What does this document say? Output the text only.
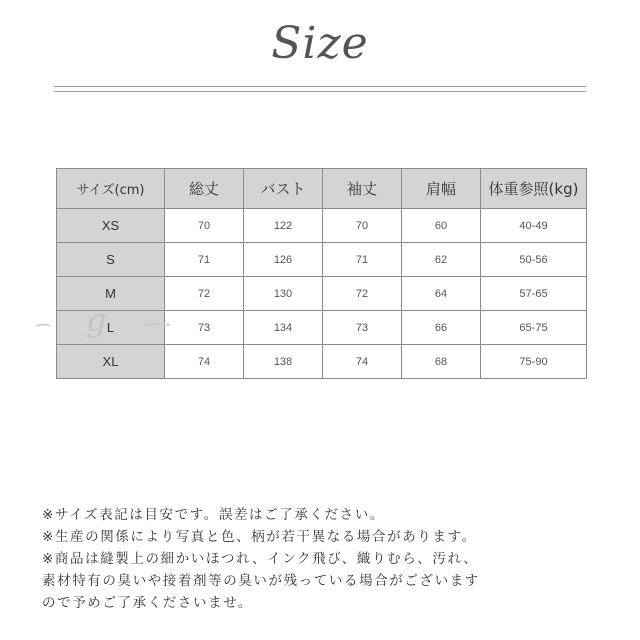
Size
サイズ(cm)	総丈	バスト	袖丈	肩幅	体重参照(kg)
XS	70	122	70	60	40-49
S	71	126	71	62	50-56
M	72	130	72	64	57-65
L	73	134	73	66	65-75
XL	74	138	74	68	75-90
g
※サイズ表記は目安です。誤差はご了承ください。
※生産の関係により写真と色、柄が若干異なる場合があります。
※商品は縫製上の細かいほつれ、インク飛び、織りむら、汚れ、
素材特有の臭いや接着剤等の臭いが残っている場合がございます
ので予めご了承くださいませ。
